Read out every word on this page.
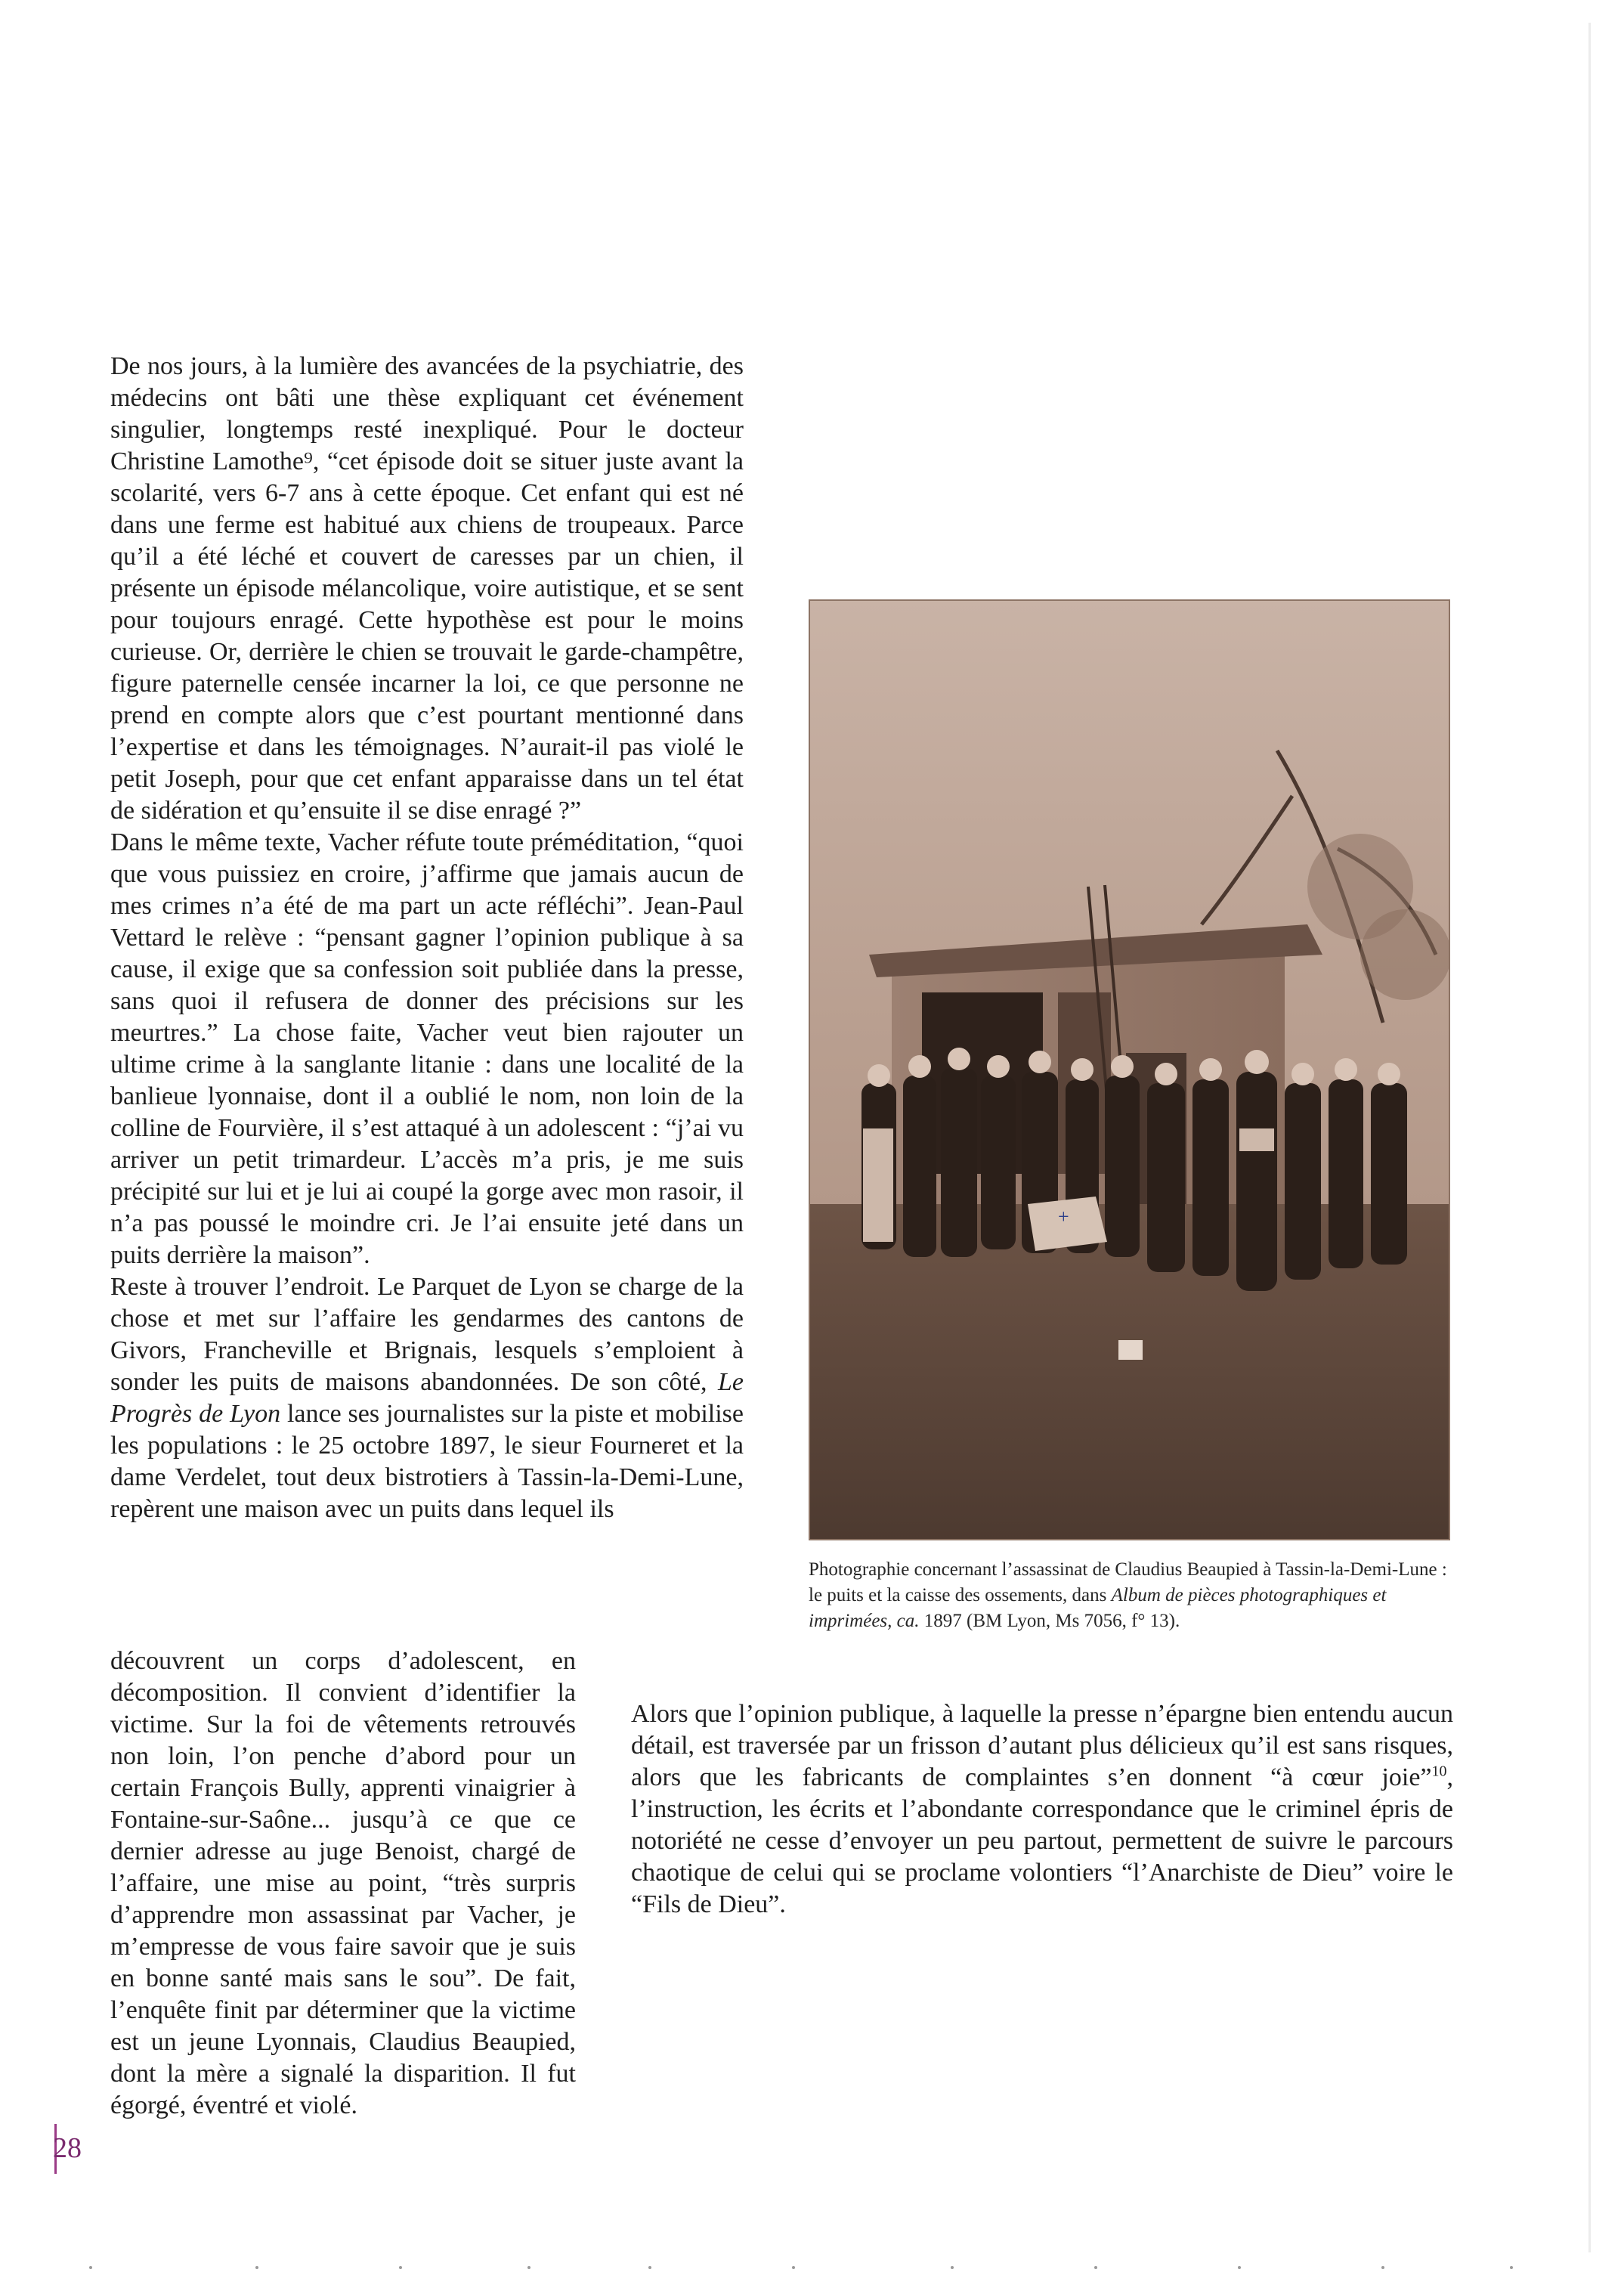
De nos jours, à la lumière des avancées de la psychiatrie, des médecins ont bâti une thèse expliquant cet événement singulier, longtemps resté inexpliqué. Pour le docteur Christine Lamothe⁹, “cet épisode doit se situer juste avant la scolarité, vers 6-7 ans à cette époque. Cet enfant qui est né dans une ferme est habitué aux chiens de troupeaux. Parce qu’il a été léché et couvert de caresses par un chien, il présente un épisode mélancolique, voire autistique, et se sent pour toujours enragé. Cette hypothèse est pour le moins curieuse. Or, derrière le chien se trouvait le garde-champêtre, figure paternelle censée incarner la loi, ce que personne ne prend en compte alors que c’est pourtant mentionné dans l’expertise et dans les témoignages. N’aurait-il pas violé le petit Joseph, pour que cet enfant apparaisse dans un tel état de sidération et qu’ensuite il se dise enragé ?”

Dans le même texte, Vacher réfute toute préméditation, “quoi que vous puissiez en croire, j’affirme que jamais aucun de mes crimes n’a été de ma part un acte réfléchi”. Jean-Paul Vettard le relève : “pensant gagner l’opinion publique à sa cause, il exige que sa confession soit publiée dans la presse, sans quoi il refusera de donner des précisions sur les meurtres.” La chose faite, Vacher veut bien rajouter un ultime crime à la sanglante litanie : dans une localité de la banlieue lyonnaise, dont il a oublié le nom, non loin de la colline de Fourvière, il s’est attaqué à un adolescent : “j’ai vu arriver un petit trimardeur. L’accès m’a pris, je me suis précipité sur lui et je lui ai coupé la gorge avec mon rasoir, il n’a pas poussé le moindre cri. Je l’ai ensuite jeté dans un puits derrière la maison”.

Reste à trouver l’endroit. Le Parquet de Lyon se charge de la chose et met sur l’affaire les gendarmes des cantons de Givors, Francheville et Brignais, lesquels s’emploient à sonder les puits de maisons abandonnées. De son côté, Le Progrès de Lyon lance ses journalistes sur la piste et mobilise les populations : le 25 octobre 1897, le sieur Fourneret et la dame Verdelet, tout deux bistrotiers à Tassin-la-Demi-Lune, repèrent une maison avec un puits dans lequel ils

découvrent un corps d’adolescent, en décomposition. Il convient d’identifier la victime. Sur la foi de vêtements retrouvés non loin, l’on penche d’abord pour un certain François Bully, apprenti vinaigrier à Fontaine-sur-Saône... jusqu’à ce que ce dernier adresse au juge Benoist, chargé de l’affaire, une mise au point, “très surpris d’apprendre mon assassinat par Vacher, je m’empresse de vous faire savoir que je suis en bonne santé mais sans le sou”. De fait, l’enquête finit par déterminer que la victime est un jeune Lyonnais, Claudius Beaupied, dont la mère a signalé la disparition. Il fut égorgé, éventré et violé.

+
Photographie concernant l’assassinat de Claudius Beaupied à Tassin-la-Demi-Lune : le puits et la caisse des ossements, dans Album de pièces photographiques et imprimées, ca. 1897 (BM Lyon, Ms 7056, f° 13).

Alors que l’opinion publique, à laquelle la presse n’épargne bien entendu aucun détail, est traversée par un frisson d’autant plus délicieux qu’il est sans risques, alors que les fabricants de complaintes s’en donnent “à cœur joie”$^{10}$, l’instruction, les écrits et l’abondante correspondance que le criminel épris de notoriété ne cesse d’envoyer un peu partout, permettent de suivre le parcours chaotique de celui qui se proclame volontiers “l’Anarchiste de Dieu” voire le “Fils de Dieu”.

28
